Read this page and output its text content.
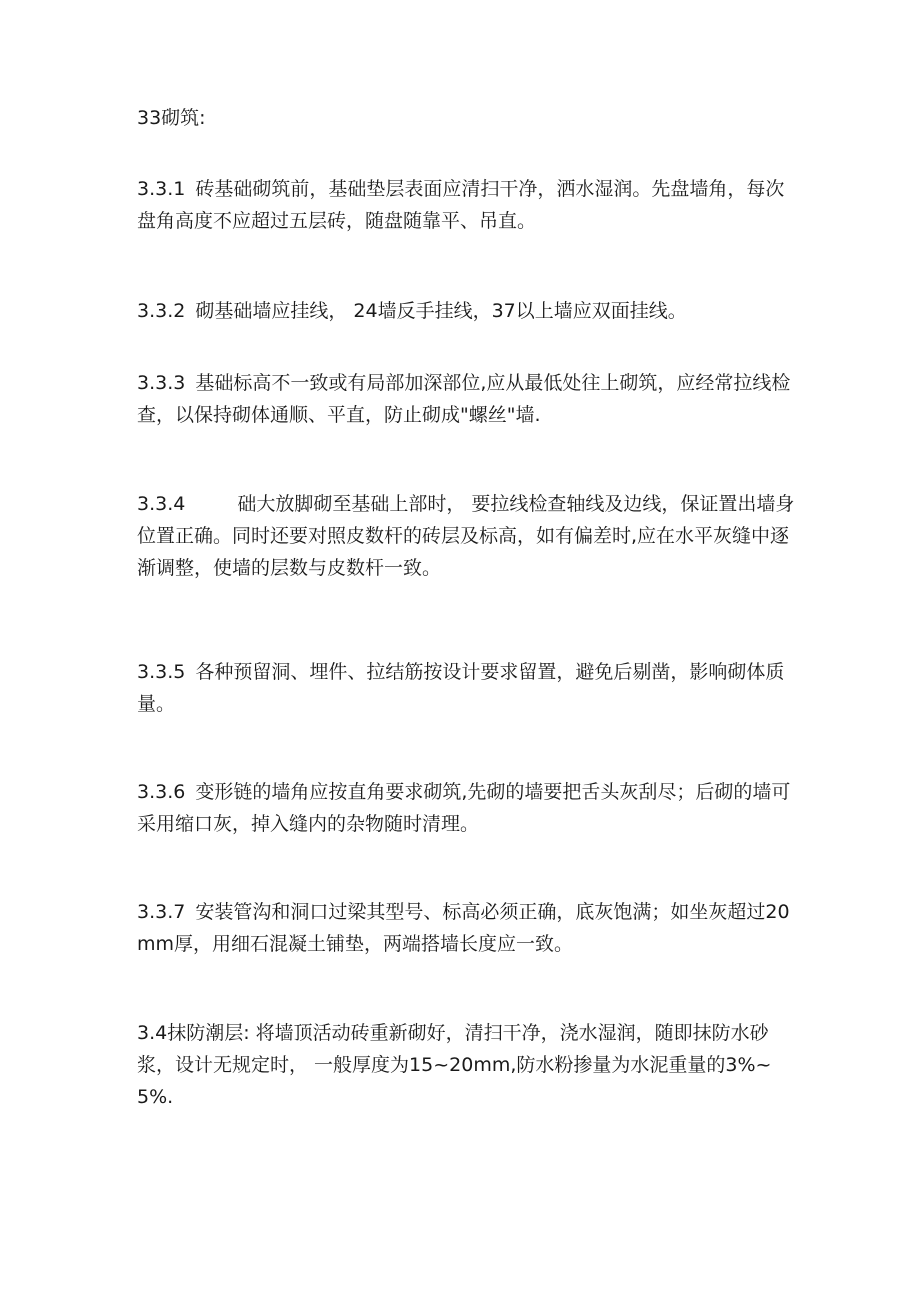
33砌筑:

3.3.1 砖基础砌筑前，基础垫层表面应清扫干净，洒水湿润。先盘墙角，每次盘角高度不应超过五层砖，随盘随靠平、吊直。

3.3.2 砌基础墙应挂线， 24墙反手挂线，37以上墙应双面挂线。

3.3.3 基础标高不一致或有局部加深部位,应从最低处往上砌筑，应经常拉线检查，以保持砌体通顺、平直，防止砌成"螺丝"墙.

3.3.4	础大放脚砌至基础上部时， 要拉线检查轴线及边线，保证置出墙身位置正确。同时还要对照皮数杆的砖层及标高，如有偏差时,应在水平灰缝中逐渐调整，使墙的层数与皮数杆一致。

3.3.5 各种预留洞、埋件、拉结筋按设计要求留置，避免后剔凿，影响砌体质量。

3.3.6 变形链的墙角应按直角要求砌筑,先砌的墙要把舌头灰刮尽；后砌的墙可采用缩口灰，掉入缝内的杂物随时清理。

3.3.7 安装管沟和洞口过梁其型号、标高必须正确，底灰饱满；如坐灰超过20mm厚，用细石混凝土铺垫，两端搭墙长度应一致。

3.4抹防潮层: 将墙顶活动砖重新砌好，清扫干净，浇水湿润，随即抹防水砂浆，设计无规定时， 一般厚度为15~20mm,防水粉掺量为水泥重量的3%~5%.
